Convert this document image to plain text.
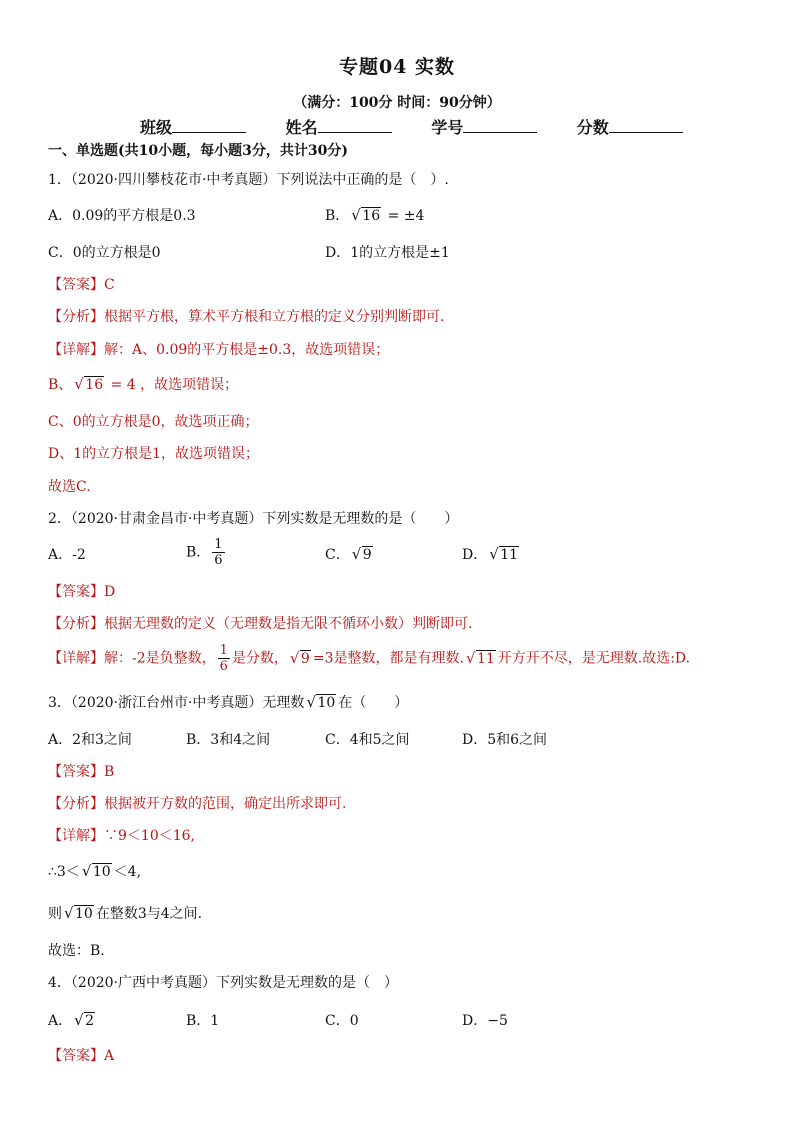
专题04 实数
（满分：100分 时间：90分钟）
班级	姓名	学号	分数
一、单选题(共10小题，每小题3分，共计30分)
1．（2020·四川攀枝花市·中考真题）下列说法中正确的是（　）.
A．0.09的平方根是0.3	B． √ 16 = ±4
C．0的立方根是0	D．1的立方根是±1
【答案】C
【分析】根据平方根，算术平方根和立方根的定义分别判断即可.
【详解】解：A、0.09的平方根是±0.3，故选项错误；
B、 √ 16 = 4 ，故选项错误；
C、0的立方根是0，故选项正确；
D、1的立方根是1，故选项错误；
故选C.
2．（2020·甘肃金昌市·中考真题）下列实数是无理数的是（　　）
A．-2	B． $\frac{1}{6}$	C． √ 9	D． √ 11
【答案】D
【分析】根据无理数的定义（无理数是指无限不循环小数）判断即可.
【详解】解：-2是负整数， $\frac{1}{6}$ 是分数， √ 9 =3是整数，都是有理数. √ 11 开方开不尽，是无理数.故选:D.
3．（2020·浙江台州市·中考真题）无理数 √ 10 在（　　）
A．2和3之间	B．3和4之间	C．4和5之间	D．5和6之间
【答案】B
【分析】根据被开方数的范围，确定出所求即可.
【详解】∵9＜10＜16,
∴3＜ √ 10 ＜4,
则 √ 10 在整数3与4之间.
故选：B.
4．（2020·广西中考真题）下列实数是无理数的是（　）
A． √ 2	B．1	C．0	D．−5
【答案】A
